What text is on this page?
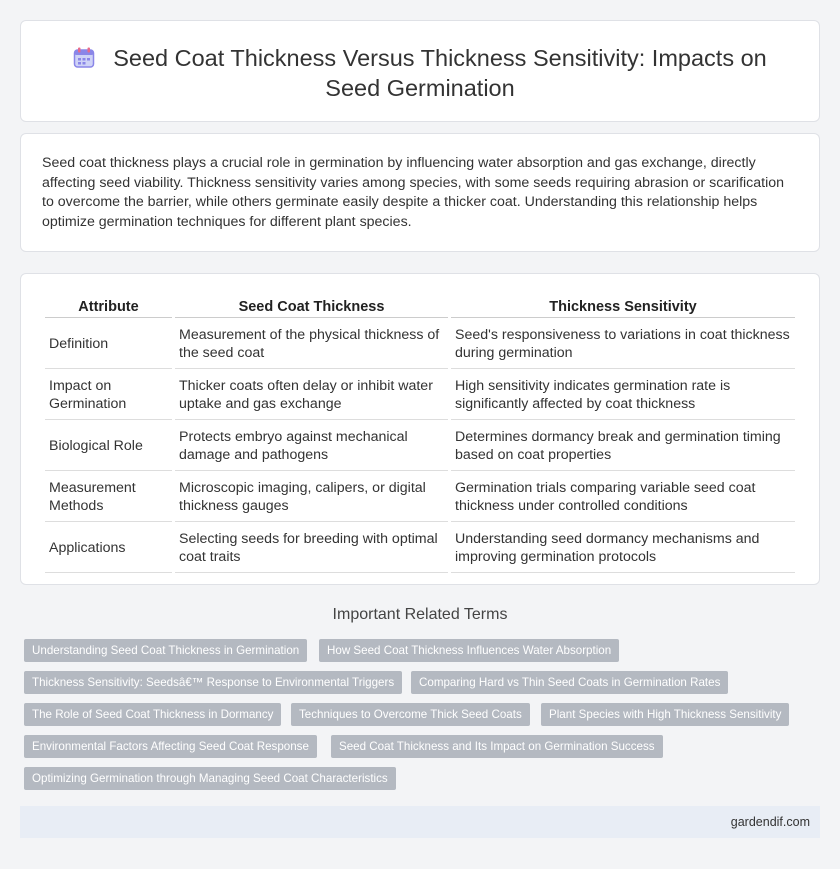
Seed Coat Thickness Versus Thickness Sensitivity: Impacts on Seed Germination

Seed coat thickness plays a crucial role in germination by influencing water absorption and gas exchange, directly affecting seed viability. Thickness sensitivity varies among species, with some seeds requiring abrasion or scarification to overcome the barrier, while others germinate easily despite a thicker coat. Understanding this relationship helps optimize germination techniques for different plant species.

Attribute	Seed Coat Thickness	Thickness Sensitivity
Definition	Measurement of the physical thickness of the seed coat	Seed's responsiveness to variations in coat thickness during germination
Impact on Germination	Thicker coats often delay or inhibit water uptake and gas exchange	High sensitivity indicates germination rate is significantly affected by coat thickness
Biological Role	Protects embryo against mechanical damage and pathogens	Determines dormancy break and germination timing based on coat properties
Measurement Methods	Microscopic imaging, calipers, or digital thickness gauges	Germination trials comparing variable seed coat thickness under controlled conditions
Applications	Selecting seeds for breeding with optimal coat traits	Understanding seed dormancy mechanisms and improving germination protocols
Important Related Terms
Understanding Seed Coat Thickness in Germination	How Seed Coat Thickness Influences Water Absorption
Thickness Sensitivity: Seedsâ€™ Response to Environmental Triggers	Comparing Hard vs Thin Seed Coats in Germination Rates
The Role of Seed Coat Thickness in Dormancy	Techniques to Overcome Thick Seed Coats	Plant Species with High Thickness Sensitivity
Environmental Factors Affecting Seed Coat Response	Seed Coat Thickness and Its Impact on Germination Success
Optimizing Germination through Managing Seed Coat Characteristics
gardendif.com
